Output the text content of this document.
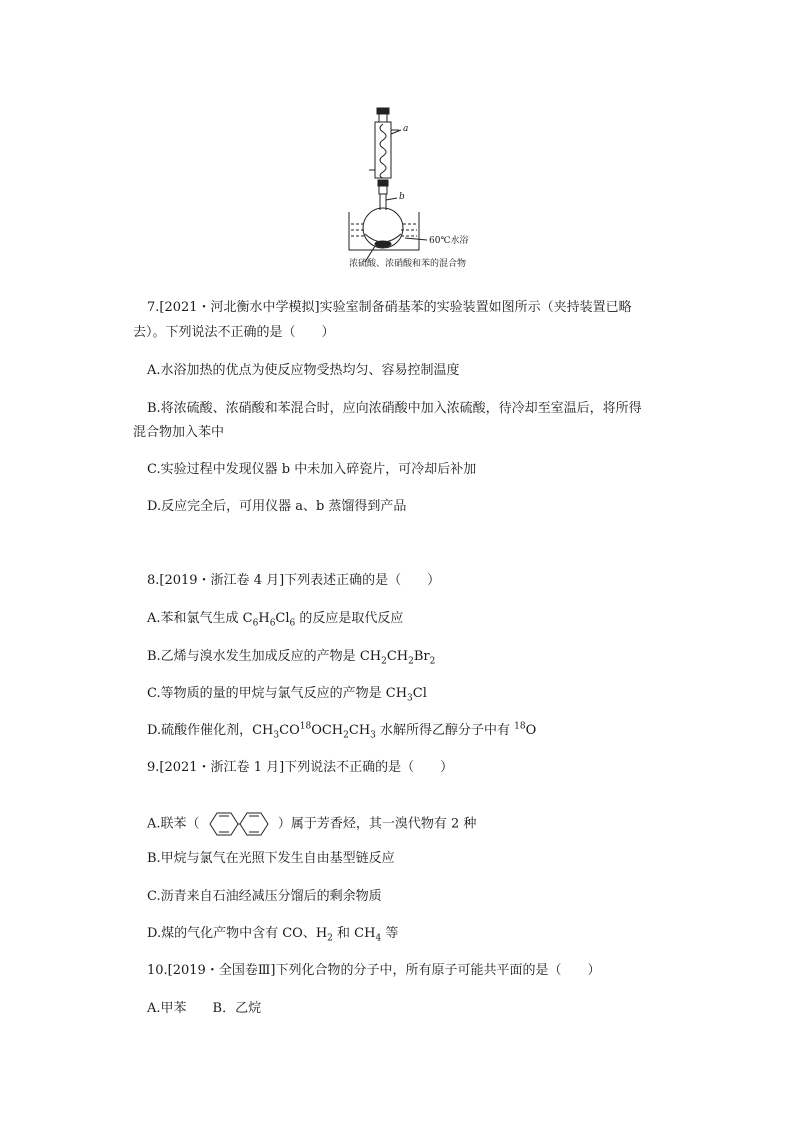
a
b
60℃水浴
浓硫酸、浓硝酸和苯的混合物
7.[2021・河北衡水中学模拟]实验室制备硝基苯的实验装置如图所示（夹持装置已略
去）。下列说法不正确的是（　　）
A.水浴加热的优点为使反应物受热均匀、容易控制温度
B.将浓硫酸、浓硝酸和苯混合时，应向浓硝酸中加入浓硫酸，待冷却至室温后，将所得
混合物加入苯中
C.实验过程中发现仪器 b 中未加入碎瓷片，可冷却后补加
D.反应完全后，可用仪器 a、b 蒸馏得到产品
8.[2019・浙江卷 4 月]下列表述正确的是（　　）
A.苯和氯气生成 $C_6H_6Cl_6$ 的反应是取代反应
B.乙烯与溴水发生加成反应的产物是 $CH_2CH_2Br_2$
C.等物质的量的甲烷与氯气反应的产物是 $CH_3Cl$
D.硫酸作催化剂，$CH_3CO^{18}OCH_2CH_3$ 水解所得乙醇分子中有 $^{18}$O
9.[2021・浙江卷 1 月]下列说法不正确的是（　　）
A.联苯（	）属于芳香烃，其一溴代物有 2 种
B.甲烷与氯气在光照下发生自由基型链反应
C.沥青来自石油经减压分馏后的剩余物质
D.煤的气化产物中含有 CO、$H_2$ 和 $CH_4$ 等
10.[2019・全国卷Ⅲ]下列化合物的分子中，所有原子可能共平面的是（　　）
A.甲苯　　B．乙烷
